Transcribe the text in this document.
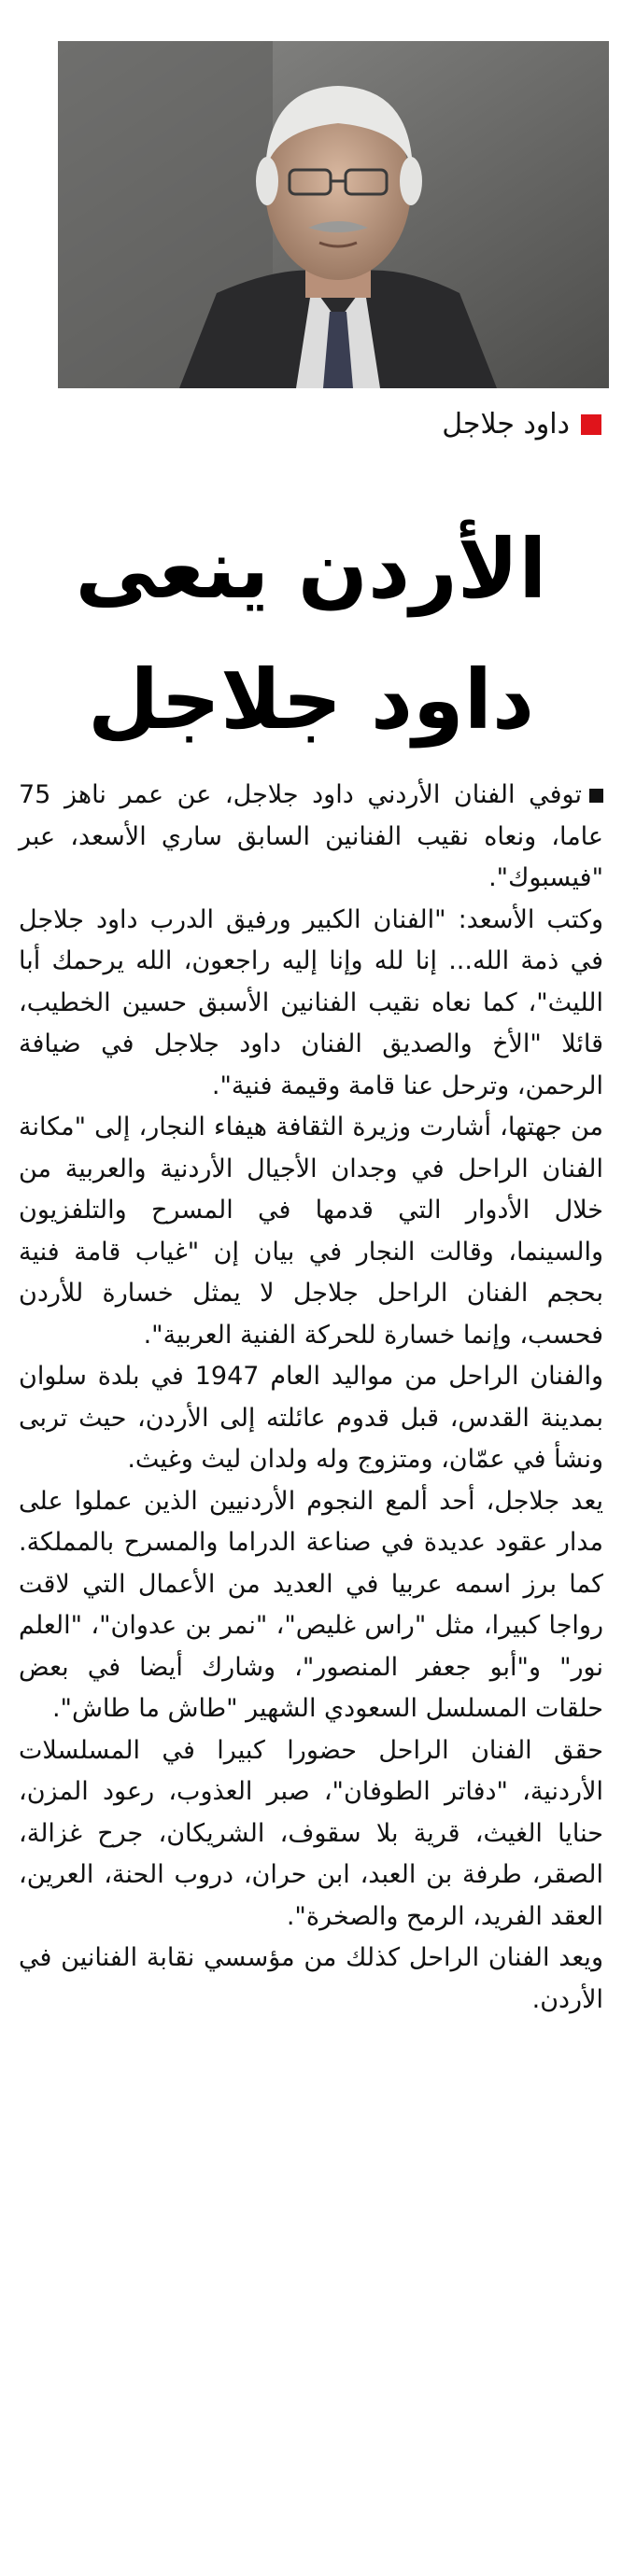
داود جلاجل
الأردن ينعى
داود جلاجل

توفي الفنان الأردني داود جلاجل، عن عمر ناهز 75 عاما، ونعاه نقيب الفنانين السابق ساري الأسعد، عبر "فيسبوك".

وكتب الأسعد: "الفنان الكبير ورفيق الدرب داود جلاجل في ذمة الله... إنا لله وإنا إليه راجعون، الله يرحمك أبا الليث"، كما نعاه نقيب الفنانين الأسبق حسين الخطيب، قائلا "الأخ والصديق الفنان داود جلاجل في ضيافة الرحمن، وترحل عنا قامة وقيمة فنية".

من جهتها، أشارت وزيرة الثقافة هيفاء النجار، إلى "مكانة الفنان الراحل في وجدان الأجيال الأردنية والعربية من خلال الأدوار التي قدمها في المسرح والتلفزيون والسينما، وقالت النجار في بيان إن "غياب قامة فنية بحجم الفنان الراحل جلاجل لا يمثل خسارة للأردن فحسب، وإنما خسارة للحركة الفنية العربية".

والفنان الراحل من مواليد العام 1947 في بلدة سلوان بمدينة القدس، قبل قدوم عائلته إلى الأردن، حيث تربى ونشأ في عمّان، ومتزوج وله ولدان ليث وغيث.

يعد جلاجل، أحد ألمع النجوم الأردنيين الذين عملوا على مدار عقود عديدة في صناعة الدراما والمسرح بالمملكة. كما برز اسمه عربيا في العديد من الأعمال التي لاقت رواجا كبيرا، مثل "راس غليص"، "نمر بن عدوان"، "العلم نور" و"أبو جعفر المنصور"، وشارك أيضا في بعض حلقات المسلسل السعودي الشهير "طاش ما طاش".

حقق الفنان الراحل حضورا كبيرا في المسلسلات الأردنية، "دفاتر الطوفان"، صبر العذوب، رعود المزن، حنايا الغيث، قرية بلا سقوف، الشريكان، جرح غزالة، الصقر، طرفة بن العبد، ابن حران، دروب الحنة، العرين، العقد الفريد، الرمح والصخرة".

ويعد الفنان الراحل كذلك من مؤسسي نقابة الفنانين في الأردن.
